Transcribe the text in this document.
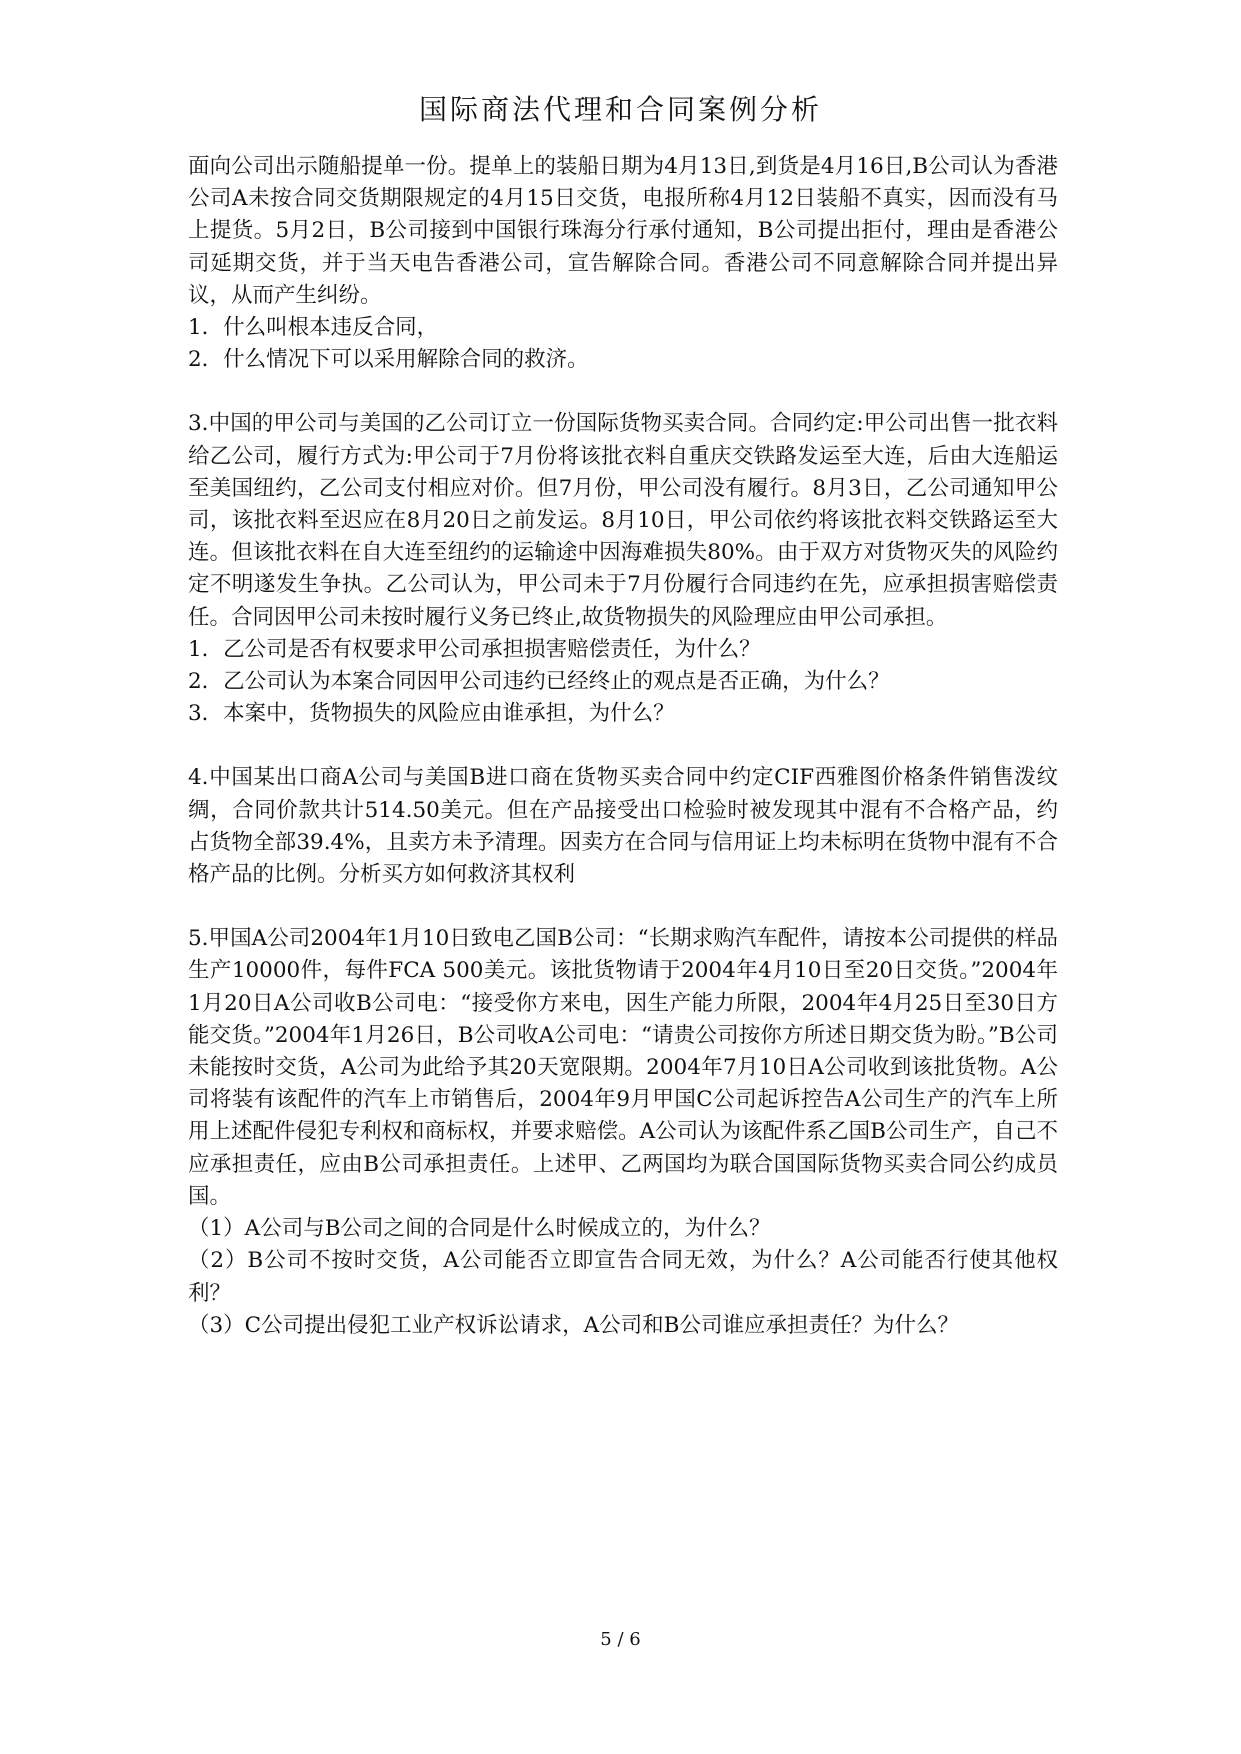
国际商法代理和合同案例分析

面向公司出示随船提单一份。提单上的装船日期为4月13日,到货是4月16日,B公司认为香港公司A未按合同交货期限规定的4月15日交货，电报所称4月12日装船不真实，因而没有马上提货。5月2日，B公司接到中国银行珠海分行承付通知，B公司提出拒付，理由是香港公司延期交货，并于当天电告香港公司，宣告解除合同。香港公司不同意解除合同并提出异议，从而产生纠纷。

1．什么叫根本违反合同，

2．什么情况下可以采用解除合同的救济。

3.中国的甲公司与美国的乙公司订立一份国际货物买卖合同。合同约定:甲公司出售一批衣料给乙公司，履行方式为:甲公司于7月份将该批衣料自重庆交铁路发运至大连，后由大连船运至美国纽约，乙公司支付相应对价。但7月份，甲公司没有履行。8月3日，乙公司通知甲公司，该批衣料至迟应在8月20日之前发运。8月10日，甲公司依约将该批衣料交铁路运至大连。但该批衣料在自大连至纽约的运输途中因海难损失80%。由于双方对货物灭失的风险约定不明遂发生争执。乙公司认为，甲公司未于7月份履行合同违约在先，应承担损害赔偿责任。合同因甲公司未按时履行义务已终止,故货物损失的风险理应由甲公司承担。

1．乙公司是否有权要求甲公司承担损害赔偿责任，为什么？

2．乙公司认为本案合同因甲公司违约已经终止的观点是否正确，为什么？

3．本案中，货物损失的风险应由谁承担，为什么？

4.中国某出口商A公司与美国B进口商在货物买卖合同中约定CIF西雅图价格条件销售泼纹绸，合同价款共计514.50美元。但在产品接受出口检验时被发现其中混有不合格产品，约占货物全部39.4%，且卖方未予清理。因卖方在合同与信用证上均未标明在货物中混有不合格产品的比例。分析买方如何救济其权利

5.甲国A公司2004年1月10日致电乙国B公司：“长期求购汽车配件，请按本公司提供的样品生产10000件，每件FCA 500美元。该批货物请于2004年4月10日至20日交货。”2004年1月20日A公司收B公司电：“接受你方来电，因生产能力所限，2004年4月25日至30日方能交货。”2004年1月26日，B公司收A公司电：“请贵公司按你方所述日期交货为盼。”B公司未能按时交货，A公司为此给予其20天宽限期。2004年7月10日A公司收到该批货物。A公司将装有该配件的汽车上市销售后，2004年9月甲国C公司起诉控告A公司生产的汽车上所用上述配件侵犯专利权和商标权，并要求赔偿。A公司认为该配件系乙国B公司生产，自己不应承担责任，应由B公司承担责任。上述甲、乙两国均为联合国国际货物买卖合同公约成员国。

（1）A公司与B公司之间的合同是什么时候成立的，为什么？

（2）B公司不按时交货，A公司能否立即宣告合同无效，为什么？A公司能否行使其他权利？

（3）C公司提出侵犯工业产权诉讼请求，A公司和B公司谁应承担责任？为什么？

5 / 6
